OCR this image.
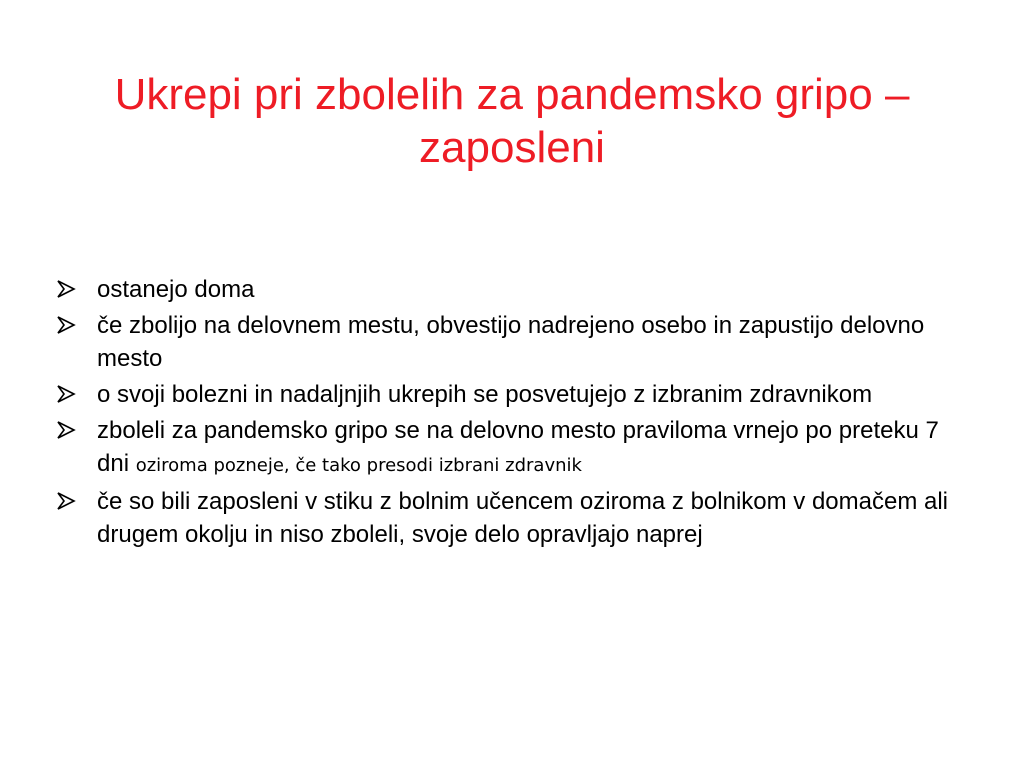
Ukrepi pri zbolelih za pandemsko gripo – zaposleni
ostanejo doma
če zbolijo na delovnem mestu, obvestijo nadrejeno osebo in zapustijo delovno mesto
o svoji bolezni in nadaljnjih ukrepih se posvetujejo z izbranim zdravnikom
zboleli za pandemsko gripo se na delovno mesto praviloma vrnejo po preteku 7 dni oziroma pozneje, če tako presodi izbrani zdravnik
če so bili zaposleni v stiku z bolnim učencem oziroma z bolnikom v domačem ali drugem okolju in niso zboleli, svoje delo opravljajo naprej
